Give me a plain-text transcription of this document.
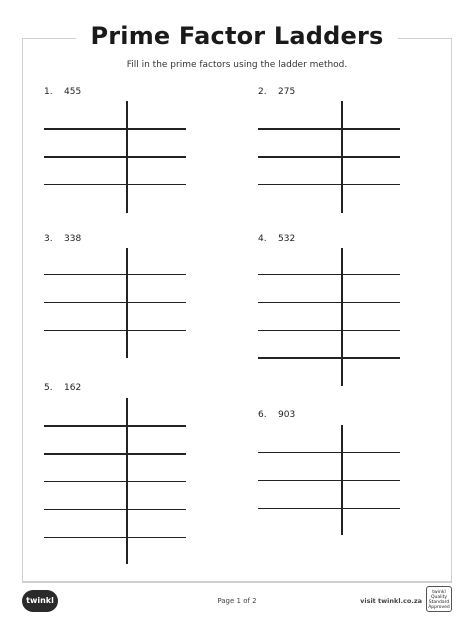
Prime Factor Ladders
Fill in the prime factors using the ladder method.
1. 455	2. 275
3. 338	4. 532
5. 162
6. 903
twinkl	Page 1 of 2	visit twinkl.co.za
twinkl Quality Standard Approved
